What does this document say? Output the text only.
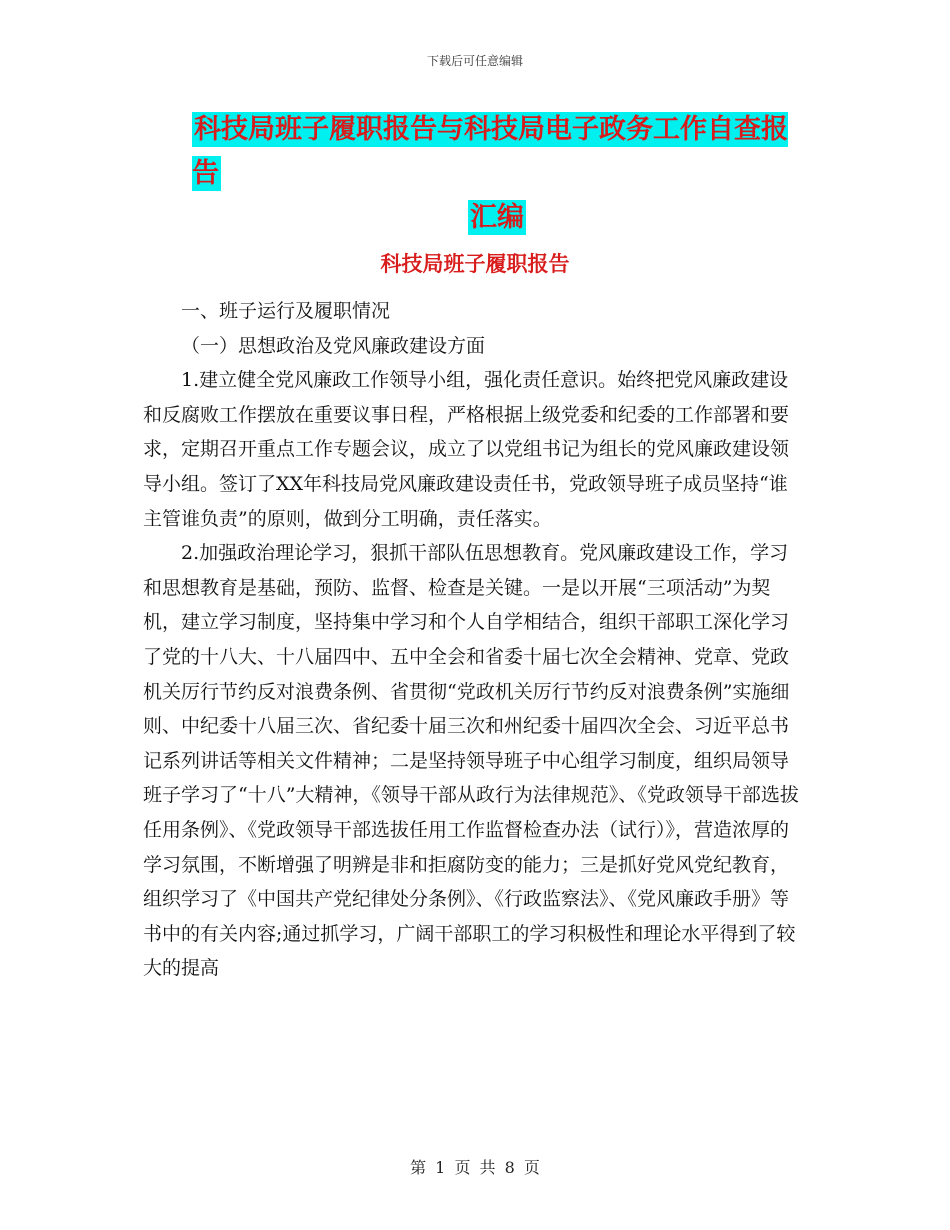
下载后可任意编辑
科技局班子履职报告与科技局电子政务工作自查报告
汇编
科技局班子履职报告

一、班子运行及履职情况

（一）思想政治及党风廉政建设方面

1.建立健全党风廉政工作领导小组，强化责任意识。始终把党风廉政建设和反腐败工作摆放在重要议事日程，严格根据上级党委和纪委的工作部署和要求，定期召开重点工作专题会议，成立了以党组书记为组长的党风廉政建设领导小组。签订了XX年科技局党风廉政建设责任书，党政领导班子成员坚持“谁主管谁负责”的原则，做到分工明确，责任落实。

2.加强政治理论学习，狠抓干部队伍思想教育。党风廉政建设工作，学习和思想教育是基础，预防、监督、检查是关键。一是以开展“三项活动”为契机，建立学习制度，坚持集中学习和个人自学相结合，组织干部职工深化学习了党的十八大、十八届四中、五中全会和省委十届七次全会精神、党章、党政机关厉行节约反对浪费条例、省贯彻“党政机关厉行节约反对浪费条例”实施细则、中纪委十八届三次、省纪委十届三次和州纪委十届四次全会、习近平总书记系列讲话等相关文件精神；二是坚持领导班子中心组学习制度，组织局领导班子学习了“十八”大精神，《领导干部从政行为法律规范》、《党政领导干部选拔任用条例》、《党政领导干部选拔任用工作监督检查办法（试行）》，营造浓厚的学习氛围，不断增强了明辨是非和拒腐防变的能力；三是抓好党风党纪教育，组织学习了《中国共产党纪律处分条例》、《行政监察法》、《党风廉政手册》等书中的有关内容;通过抓学习，广阔干部职工的学习积极性和理论水平得到了较大的提高

第 1 页 共 8 页
